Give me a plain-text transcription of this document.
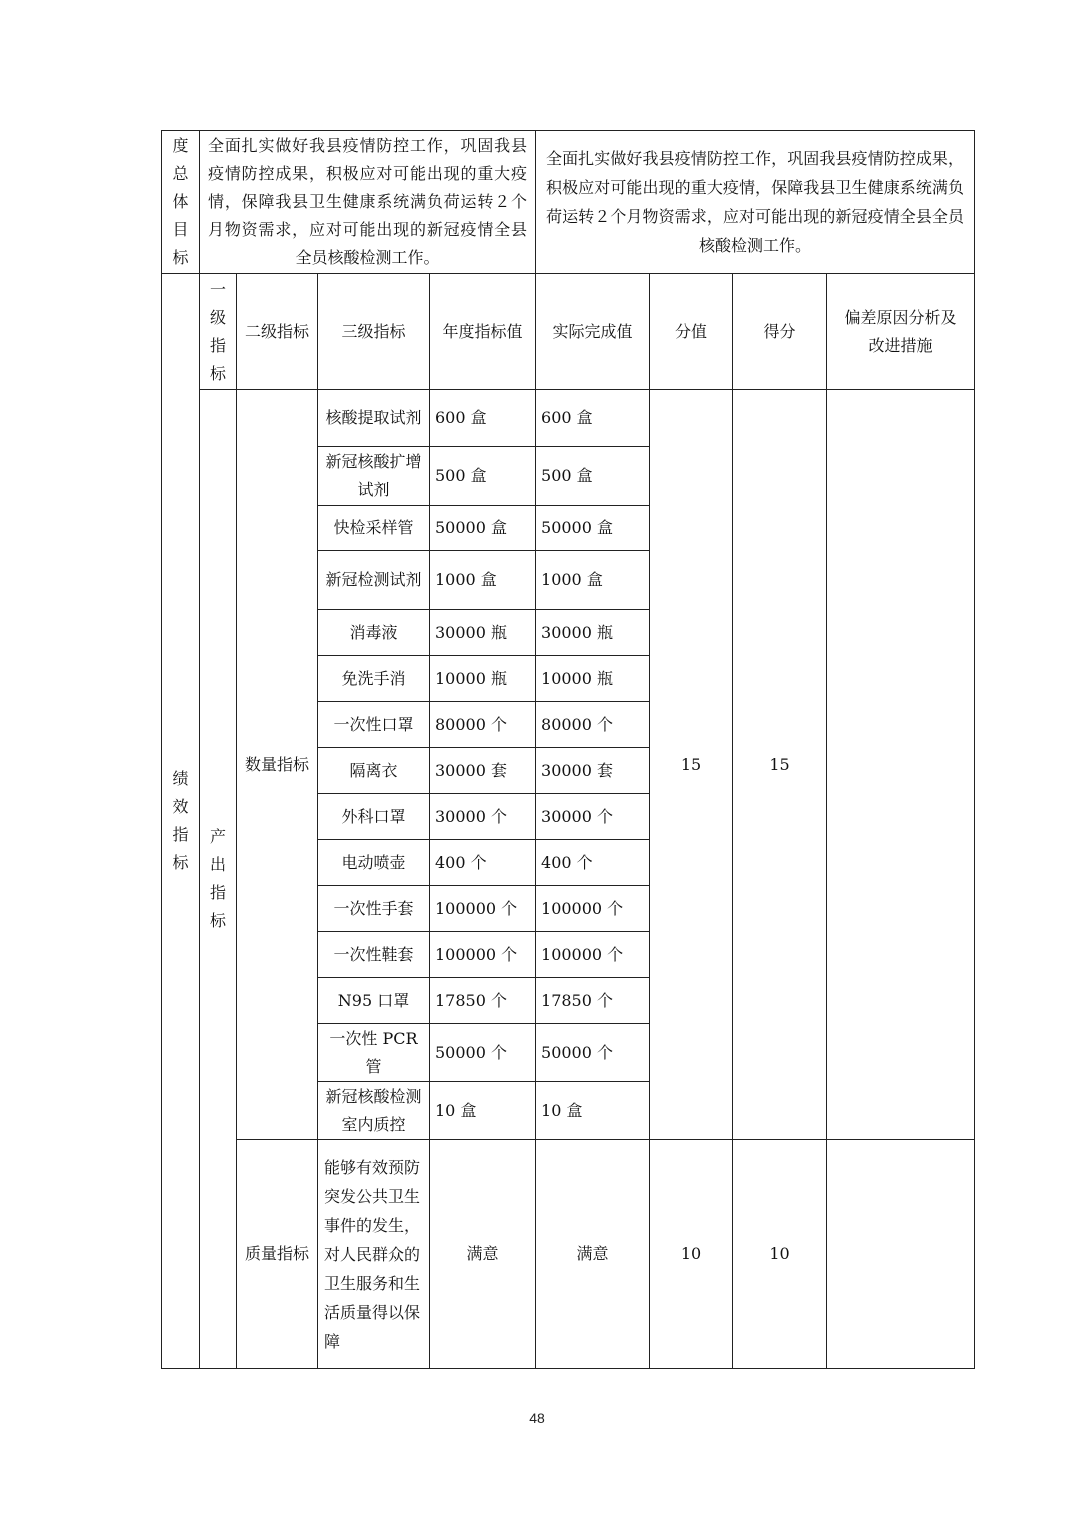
度总体目标	全面扎实做好我县疫情防控工作，巩固我县疫情防控成果，积极应对可能出现的重大疫情，保障我县卫生健康系统满负荷运转２个月物资需求，应对可能出现的新冠疫情全县全员核酸检测工作。				全面扎实做好我县疫情防控工作，巩固我县疫情防控成果，积极应对可能出现的重大疫情，保障我县卫生健康系统满负荷运转２个月物资需求，应对可能出现的新冠疫情全县全员核酸检测工作。			

绩效指标	一级指标	二级指标	三级指标	年度指标值	实际完成值	分值	得分	偏差原因分析及改进措施

	产出指标	数量指标	核酸提取试剂	600 盒	600 盒	15	15	
			新冠核酸扩增试剂	500 盒	500 盒			
			快检采样管	50000 盒	50000 盒			
			新冠检测试剂	1000 盒	1000 盒			
			消毒液	30000 瓶	30000 瓶			
			免洗手消	10000 瓶	10000 瓶			
			一次性口罩	80000 个	80000 个			
			隔离衣	30000 套	30000 套			
			外科口罩	30000 个	30000 个			
			电动喷壶	400 个	400 个			
			一次性手套	100000 个	100000 个			
			一次性鞋套	100000 个	100000 个			
			N95 口罩	17850 个	17850 个			
			一次性 PCR 管	50000 个	50000 个			
			新冠核酸检测室内质控	10 盒	10 盒			
		质量指标	能够有效预防突发公共卫生事件的发生，对人民群众的卫生服务和生活质量得以保障	满意	满意	10	10	
48
